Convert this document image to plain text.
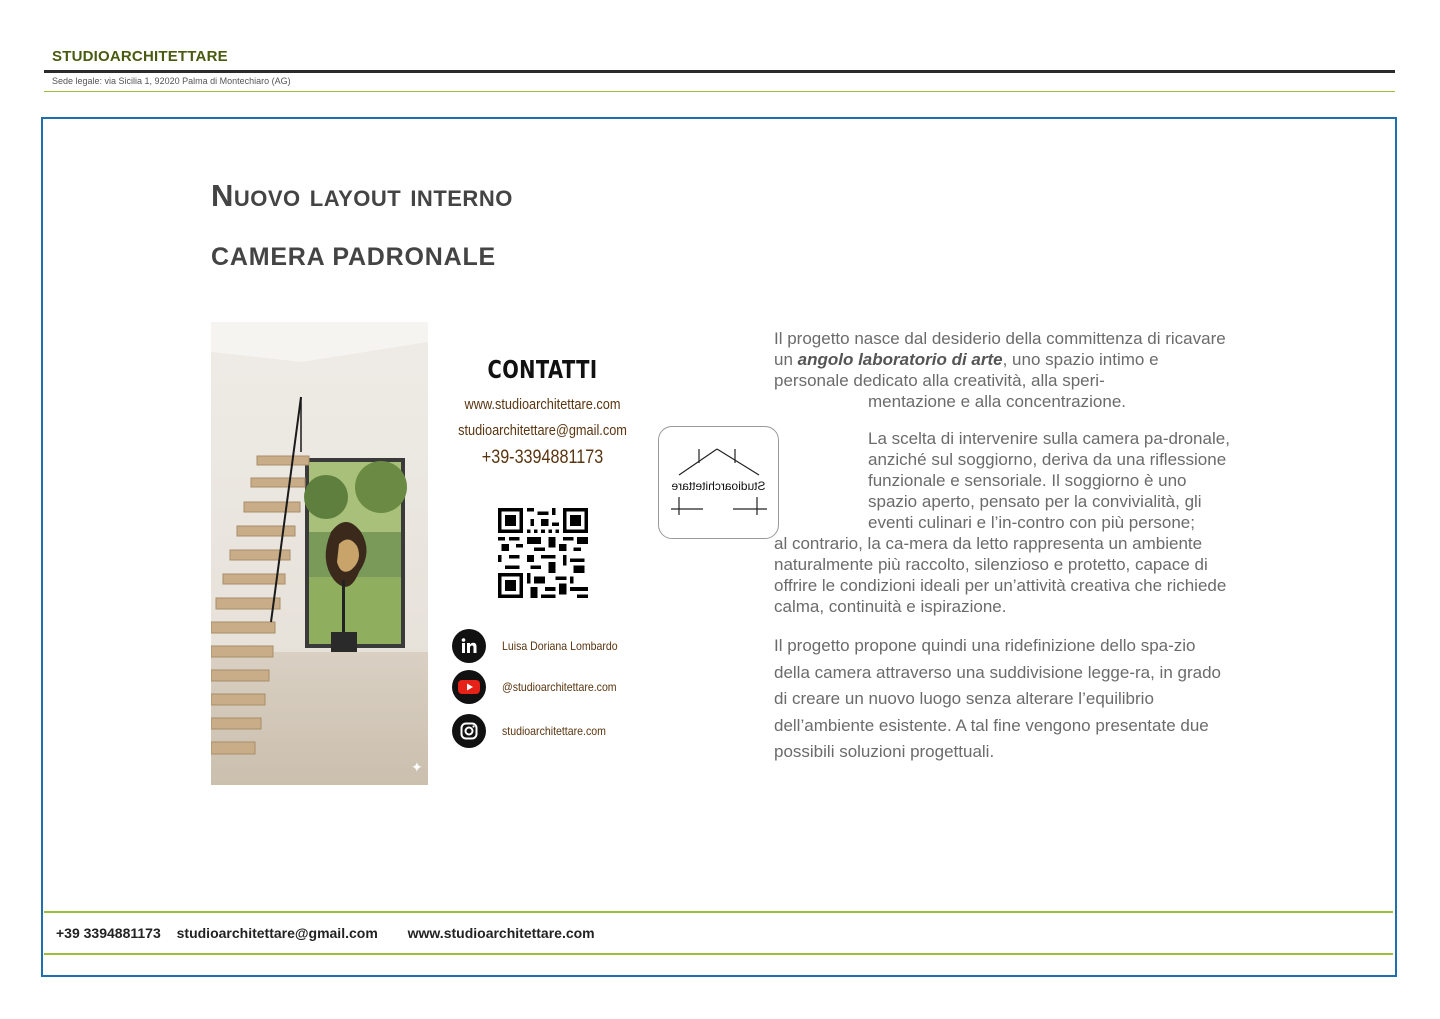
STUDIOARCHITETTARE
Sede legale: via Sicilia 1, 92020 Palma di Montechiaro (AG)
Nuovo layout interno
CAMERA PADRONALE
✦
CONTATTI
www.studioarchitettare.com
studioarchitettare@gmail.com
+39-3394881173
Luisa Doriana Lombardo
@studioarchitettare.com
studioarchitettare.com
Studioarchitettare

Il progetto nasce dal desiderio della committenza di ricavare un angolo laboratorio di arte, uno spazio intimo e personale dedicato alla creatività, alla speri-

mentazione e alla concentrazione.

La scelta di intervenire sulla camera pa-dronale, anziché sul soggiorno, deriva da una riflessione funzionale e sensoriale. Il soggiorno è uno spazio aperto, pensato per la convivialità, gli eventi culinari e l’in-contro con più persone;

al contrario, la ca-mera da letto rappresenta un ambiente naturalmente più raccolto, silenzioso e protetto, capace di offrire le condizioni ideali per un’attività creativa che richiede calma, continuità e ispirazione.

Il progetto propone quindi una ridefinizione dello spa-zio della camera attraverso una suddivisione legge-ra, in grado di creare un nuovo luogo senza alterare l’equilibrio dell’ambiente esistente. A tal fine vengono presentate due possibili soluzioni progettuali.

+39 3394881173 studioarchitettare@gmail.com www.studioarchitettare.com
